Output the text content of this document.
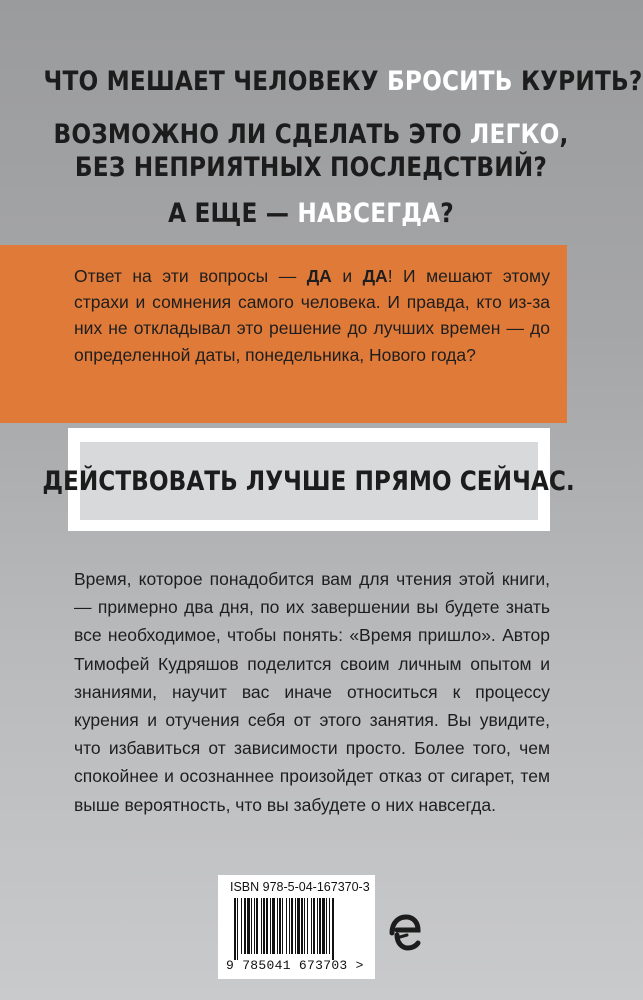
ЧТО МЕШАЕТ ЧЕЛОВЕКУ БРОСИТЬ КУРИТЬ?
ВОЗМОЖНО ЛИ СДЕЛАТЬ ЭТО ЛЕГКО,
БЕЗ НЕПРИЯТНЫХ ПОСЛЕДСТВИЙ?
А ЕЩЕ — НАВСЕГДА?
Ответ на эти вопросы — ДА и ДА! И мешают этому страхи и сомнения самого человека. И правда, кто из-за них не откладывал это решение до лучших времен — до определенной даты, понедельника, Нового года?
ДЕЙСТВОВАТЬ ЛУЧШЕ ПРЯМО СЕЙЧАС.
Время, которое понадобится вам для чтения этой книги, — примерно два дня, по их завершении вы будете знать все необходимое, чтобы понять: «Время пришло». Автор Тимофей Кудряшов поделится своим личным опытом и знаниями, научит вас иначе относиться к процессу курения и отучения себя от этого занятия. Вы увидите, что избавиться от зависимости просто. Более того, чем спокойнее и осознаннее произойдет отказ от сигарет, тем выше вероятность, что вы забудете о них навсегда.
ISBN 978-5-04-167370-3
9 785041 673703 >
